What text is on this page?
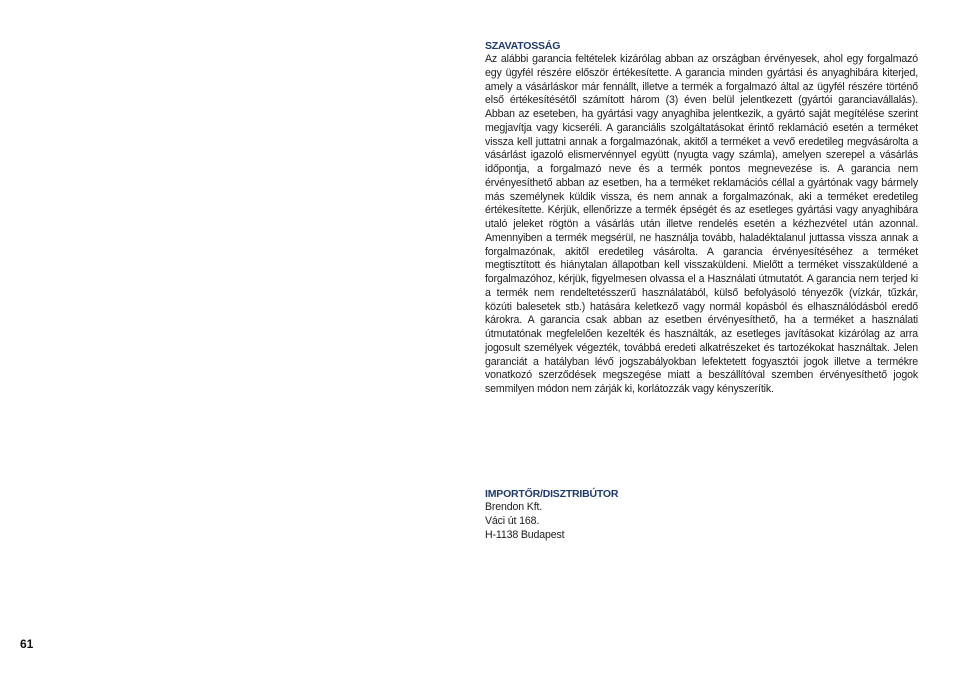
SZAVATOSSÁG

Az alábbi garancia feltételek kizárólag abban az országban érvényesek, ahol egy forgalmazó egy ügyfél részére először értékesítette. A garancia minden gyártási és anyaghibára kiterjed, amely a vásárláskor már fennállt, illetve a termék a forgalmazó által az ügyfél részére történő első értékesítésétől számított három (3) éven belül jelentkezett (gyártói garanciavállalás). Abban az eseteben, ha gyártási vagy anyaghiba jelentkezik, a gyártó saját megítélése szerint megjavítja vagy kicseréli. A garanciális szolgáltatásokat érintő reklamáció esetén a terméket vissza kell juttatni annak a forgalmazónak, akitől a terméket a vevő eredetileg megvásárolta a vásárlást igazoló elismervénnyel együtt (nyugta vagy számla), amelyen szerepel a vásárlás időpontja, a forgalmazó neve és a termék pontos megnevezése is. A garancia nem érvényesíthető abban az esetben, ha a terméket reklamációs céllal a gyártónak vagy bármely más személynek küldik vissza, és nem annak a forgalmazónak, aki a terméket eredetileg értékesítette. Kérjük, ellenőrizze a termék épségét és az esetleges gyártási vagy anyaghibára utaló jeleket rögtön a vásárlás után illetve rendelés esetén a kézhezvétel után azonnal. Amennyiben a termék megsérül, ne használja tovább, haladéktalanul juttassa vissza annak a forgalmazónak, akitől eredetileg vásárolta. A garancia érvényesítéséhez a terméket megtisztított és hiánytalan állapotban kell visszaküldeni. Mielőtt a terméket visszaküldené a forgalmazóhoz, kérjük, figyelmesen olvassa el a Használati útmutatót. A garancia nem terjed ki a termék nem rendeltetésszerű használatából, külső befolyásoló tényezők (vízkár, tűzkár, közúti balesetek stb.) hatására keletkező vagy normál kopásból és elhasználódásból eredő károkra. A garancia csak abban az esetben érvényesíthető, ha a terméket a használati útmutatónak megfelelően kezelték és használták, az esetleges javításokat kizárólag az arra jogosult személyek végezték, továbbá eredeti alkatrészeket és tartozékokat használtak. Jelen garanciát a hatályban lévő jogszabályokban lefektetett fogyasztói jogok illetve a termékre vonatkozó szerződések megszegése miatt a beszállítóval szemben érvényesíthető jogok semmilyen módon nem zárják ki, korlátozzák vagy kényszerítik.

IMPORTŐR/DISZTRIBÚTOR
Brendon Kft.
Váci út 168.
H-1138 Budapest
61
